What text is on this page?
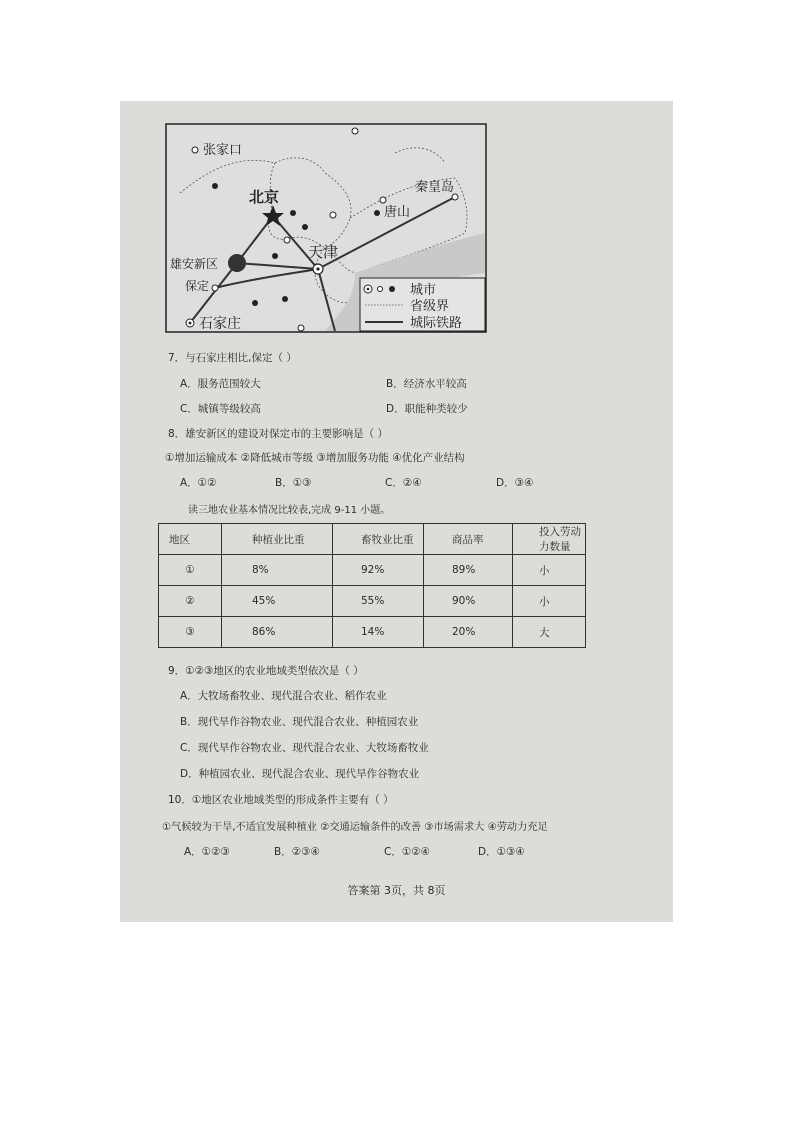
张家口
北京
秦皇岛
唐山
天津
雄安新区
保定
石家庄
城市
省级界
城际铁路
7．与石家庄相比,保定（ ）
A．服务范围较大	B．经济水平较高
C．城镇等级较高	D．职能种类较少
8．雄安新区的建设对保定市的主要影响是（ ）
①增加运输成本 ②降低城市等级 ③增加服务功能 ④优化产业结构
A．①②	B．①③	C．②④	D．③④
读三地农业基本情况比较表,完成 9-11 小题。
地区	种植业比重	畜牧业比重	商品率	投入劳动力数量
①	8%	92%	89%	小
②	45%	55%	90%	小
③	86%	14%	20%	大
9．①②③地区的农业地域类型依次是（ ）
A．大牧场畜牧业、现代混合农业、稻作农业
B．现代旱作谷物农业、现代混合农业、种植园农业
C．现代旱作谷物农业、现代混合农业、大牧场畜牧业
D．种植园农业、现代混合农业、现代旱作谷物农业
10．①地区农业地域类型的形成条件主要有（ ）
①气候较为干旱,不适宜发展种植业 ②交通运输条件的改善 ③市场需求大 ④劳动力充足
A．①②③	B．②③④	C．①②④	D．①③④
答案第 3页，共 8页
